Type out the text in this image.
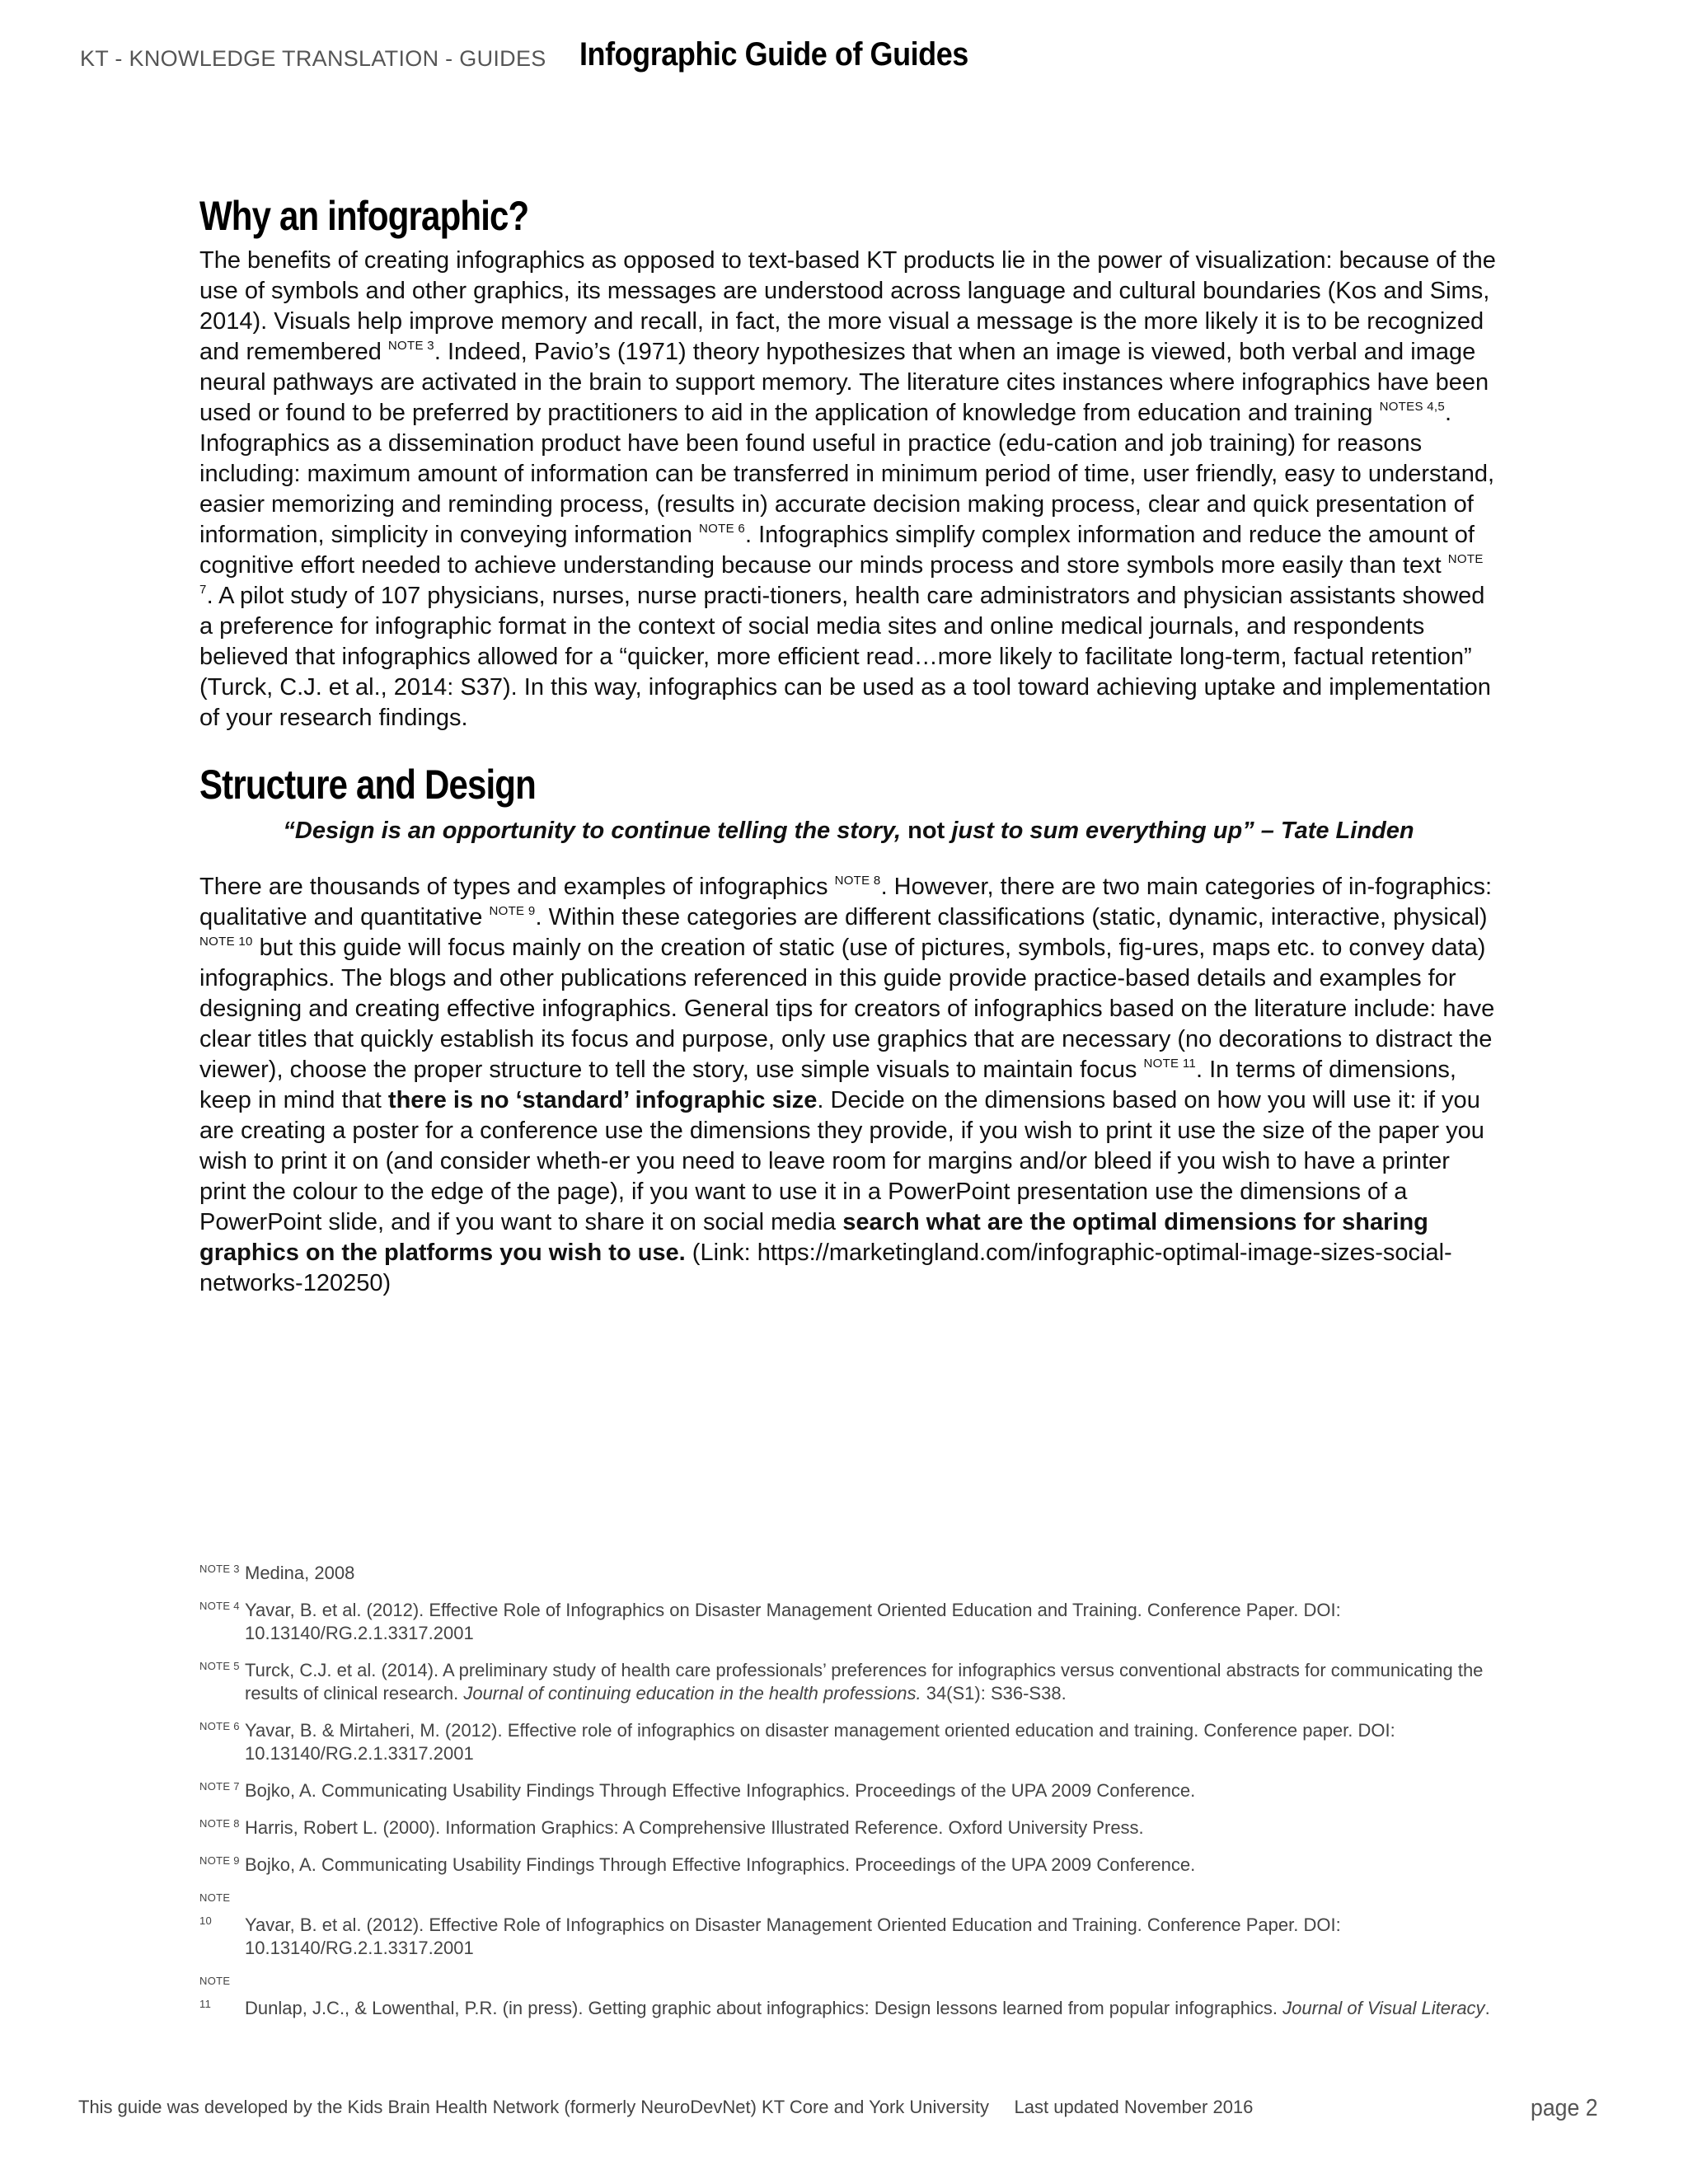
KT - KNOWLEDGE TRANSLATION - GUIDES Infographic Guide of Guides
Why an infographic?

The benefits of creating infographics as opposed to text-based KT products lie in the power of visualization: because of the use of symbols and other graphics, its messages are understood across language and cultural boundaries (Kos and Sims, 2014). Visuals help improve memory and recall, in fact, the more visual a message is the more likely it is to be recognized and remembered $^{NOTE 3}$. Indeed, Pavio’s (1971) theory hypothesizes that when an image is viewed, both verbal and image neural pathways are activated in the brain to support memory. The literature cites instances where infographics have been used or found to be preferred by practitioners to aid in the application of knowledge from education and training $^{NOTES 4,5}$. Infographics as a dissemination product have been found useful in practice (edu-cation and job training) for reasons including: maximum amount of information can be transferred in minimum period of time, user friendly, easy to understand, easier memorizing and reminding process, (results in) accurate decision making process, clear and quick presentation of information, simplicity in conveying information $^{NOTE 6}$. Infographics simplify complex information and reduce the amount of cognitive effort needed to achieve understanding because our minds process and store symbols more easily than text $^{NOTE 7}$. A pilot study of 107 physicians, nurses, nurse practi-tioners, health care administrators and physician assistants showed a preference for infographic format in the context of social media sites and online medical journals, and respondents believed that infographics allowed for a “quicker, more efficient read…more likely to facilitate long-term, factual retention” (Turck, C.J. et al., 2014: S37). In this way, infographics can be used as a tool toward achieving uptake and implementation of your research findings.

Structure and Design

“Design is an opportunity to continue telling the story, not just to sum everything up” – Tate Linden

There are thousands of types and examples of infographics $^{NOTE 8}$. However, there are two main categories of in-fographics: qualitative and quantitative $^{NOTE 9}$. Within these categories are different classifications (static, dynamic, interactive, physical) $^{NOTE 10}$ but this guide will focus mainly on the creation of static (use of pictures, symbols, fig-ures, maps etc. to convey data) infographics. The blogs and other publications referenced in this guide provide practice-based details and examples for designing and creating effective infographics. General tips for creators of infographics based on the literature include: have clear titles that quickly establish its focus and purpose, only use graphics that are necessary (no decorations to distract the viewer), choose the proper structure to tell the story, use simple visuals to maintain focus $^{NOTE 11}$. In terms of dimensions, keep in mind that there is no ‘standard’ infographic size. Decide on the dimensions based on how you will use it: if you are creating a poster for a conference use the dimensions they provide, if you wish to print it use the size of the paper you wish to print it on (and consider wheth-er you need to leave room for margins and/or bleed if you wish to have a printer print the colour to the edge of the page), if you want to use it in a PowerPoint presentation use the dimensions of a PowerPoint slide, and if you want to share it on social media search what are the optimal dimensions for sharing graphics on the platforms you wish to use. (Link: https://marketingland.com/infographic-optimal-image-sizes-social-networks-120250)

$^{NOTE 3}$ Medina, 2008
$^{NOTE 4}$ Yavar, B. et al. (2012). Effective Role of Infographics on Disaster Management Oriented Education and Training. Conference Paper. DOI: 10.13140/RG.2.1.3317.2001
$^{NOTE 5}$ Turck, C.J. et al. (2014). A preliminary study of health care professionals’ preferences for infographics versus conventional abstracts for communicating the results of clinical research. Journal of continuing education in the health professions. 34(S1): S36-S38.
$^{NOTE 6}$ Yavar, B. & Mirtaheri, M. (2012). Effective role of infographics on disaster management oriented education and training. Conference paper. DOI: 10.13140/RG.2.1.3317.2001
$^{NOTE 7}$ Bojko, A. Communicating Usability Findings Through Effective Infographics. Proceedings of the UPA 2009 Conference.
$^{NOTE 8}$ Harris, Robert L. (2000). Information Graphics: A Comprehensive Illustrated Reference. Oxford University Press.
$^{NOTE 9}$ Bojko, A. Communicating Usability Findings Through Effective Infographics. Proceedings of the UPA 2009 Conference.
$^{NOTE 10}$ Yavar, B. et al. (2012). Effective Role of Infographics on Disaster Management Oriented Education and Training. Conference Paper. DOI: 10.13140/RG.2.1.3317.2001
$^{NOTE 11}$ Dunlap, J.C., & Lowenthal, P.R. (in press). Getting graphic about infographics: Design lessons learned from popular infographics. Journal of Visual Literacy.
This guide was developed by the Kids Brain Health Network (formerly NeuroDevNet) KT Core and York University     Last updated November 2016	page 2
